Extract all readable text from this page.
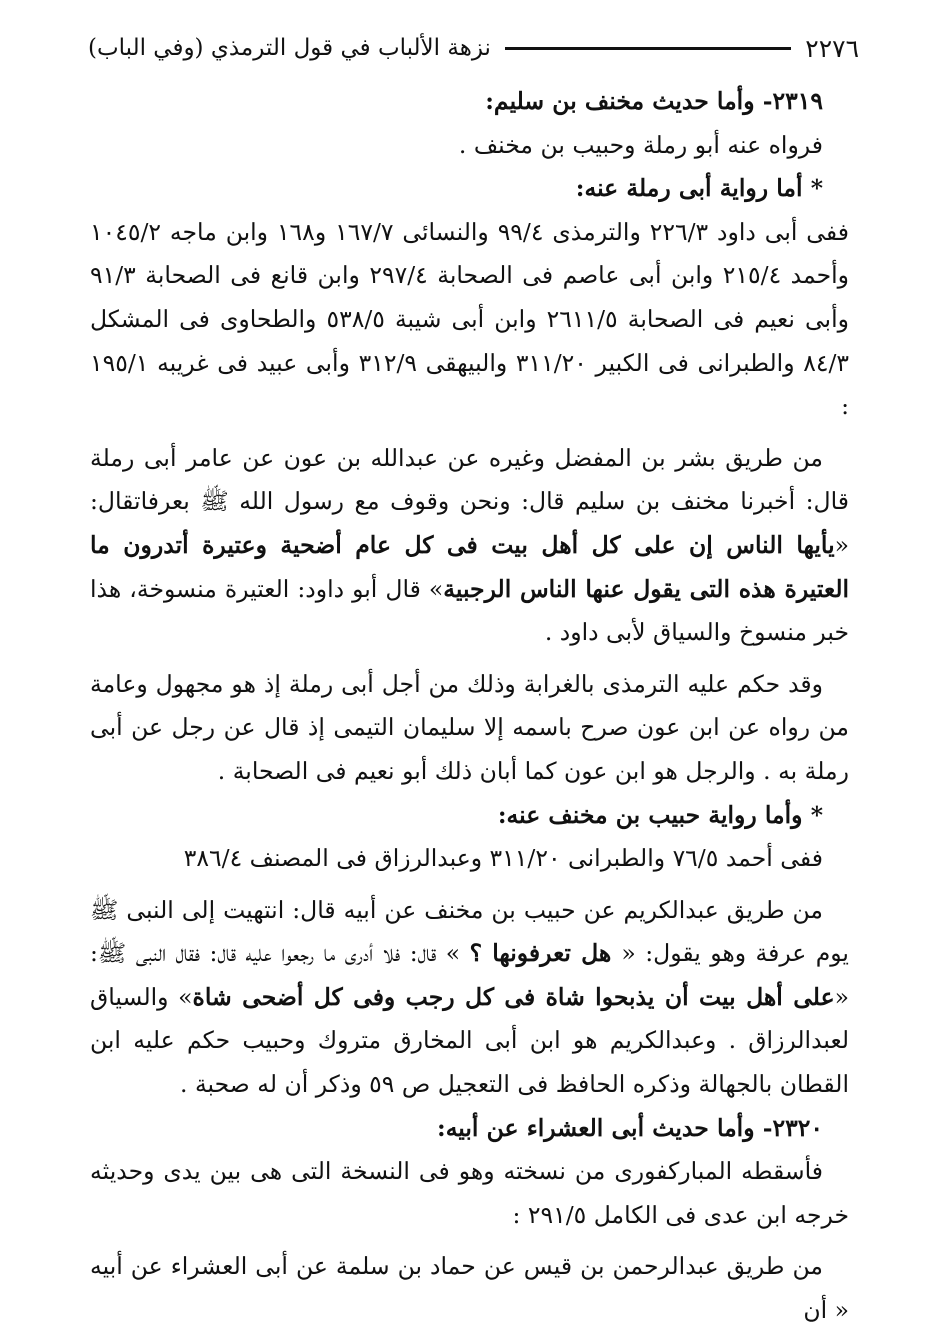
٢٢٧٦
نزهة الألباب في قول الترمذي (وفي الباب)

٢٣١٩- وأما حديث مخنف بن سليم:

فرواه عنه أبو رملة وحبيب بن مخنف .

* أما رواية أبى رملة عنه:

ففى أبى داود ٢٢٦/٣ والترمذى ٩٩/٤ والنسائى ١٦٧/٧ و١٦٨ وابن ماجه ١٠٤٥/٢ وأحمد ٢١٥/٤ وابن أبى عاصم فى الصحابة ٢٩٧/٤ وابن قانع فى الصحابة ٩١/٣ وأبى نعيم فى الصحابة ٢٦١١/٥ وابن أبى شيبة ٥٣٨/٥ والطحاوى فى المشكل ٨٤/٣ والطبرانى فى الكبير ٣١١/٢٠ والبيهقى ٣١٢/٩ وأبى عبيد فى غريبه ١٩٥/١ :

من طريق بشر بن المفضل وغيره عن عبدالله بن عون عن عامر أبى رملة قال: أخبرنا مخنف بن سليم قال: ونحن وقوف مع رسول الله ﷺ بعرفاتقال: «يأيها الناس إن على كل أهل بيت فى كل عام أضحية وعتيرة أتدرون ما العتيرة هذه التى يقول عنها الناس الرجبية» قال أبو داود: العتيرة منسوخة، هذا خبر منسوخ والسياق لأبى داود .

وقد حكم عليه الترمذى بالغرابة وذلك من أجل أبى رملة إذ هو مجهول وعامة من رواه عن ابن عون صرح باسمه إلا سليمان التيمى إذ قال عن رجل عن أبى رملة به . والرجل هو ابن عون كما أبان ذلك أبو نعيم فى الصحابة .

* وأما رواية حبيب بن مخنف عنه:

ففى أحمد ٧٦/٥ والطبرانى ٣١١/٢٠ وعبدالرزاق فى المصنف ٣٨٦/٤

من طريق عبدالكريم عن حبيب بن مخنف عن أبيه قال: انتهيت إلى النبى ﷺ يوم عرفة وهو يقول: « هل تعرفونها ؟ » قال: فلا أدرى ما رجعوا عليه قال: فقال النبى ﷺ: «على أهل بيت أن يذبحوا شاة فى كل رجب وفى كل أضحى شاة» والسياق لعبدالرزاق . وعبدالكريم هو ابن أبى المخارق متروك وحبيب حكم عليه ابن القطان بالجهالة وذكره الحافظ فى التعجيل ص ٥٩ وذكر أن له صحبة .

٢٣٢٠- وأما حديث أبى العشراء عن أبيه:

فأسقطه المباركفورى من نسخته وهو فى النسخة التى هى بين يدى وحديثه خرجه ابن عدى فى الكامل ٢٩١/٥ :

من طريق عبدالرحمن بن قيس عن حماد بن سلمة عن أبى العشراء عن أبيه « أن
